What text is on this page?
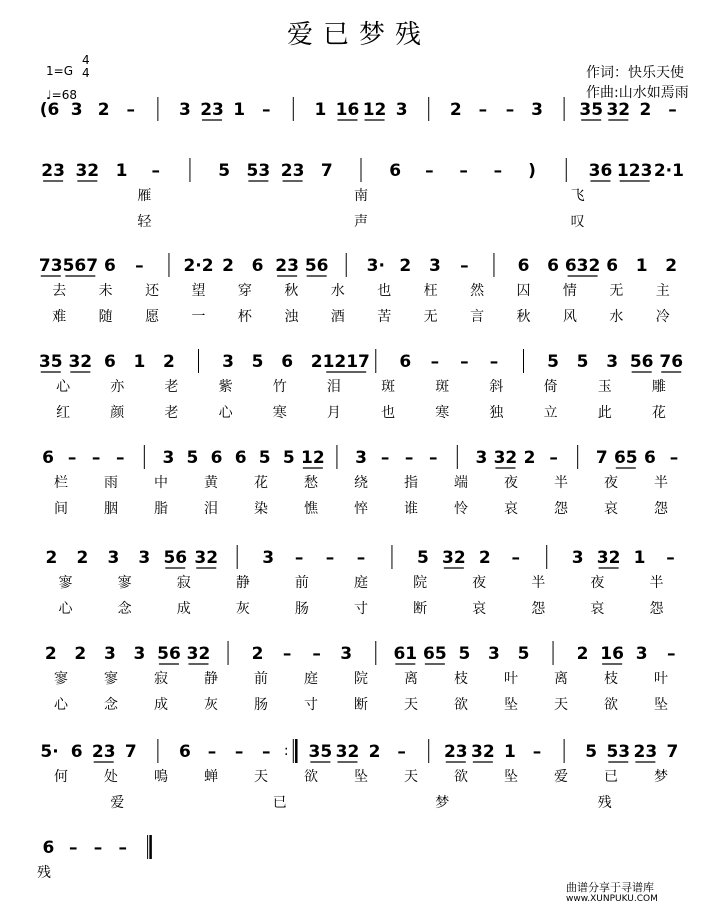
爱已梦残
1=G
4
4
♩=68
作词：快乐天使
作曲:山水如焉雨
曲谱分享于寻谱库
www.XUNPUKU.COM
(6 3 2 –	3 23 1 –	1 16 12 3 2 – – 3 35 32 2 –
23 32 1 –	5 53 23 7	6 – – – )	36 123 2·1
雁	南	飞
轻	声	叹
73 567 6 – 2·2 2 6 23 56 3· 2 3 –	6 6 632 6 1 2
去 未 还 望 穿 秋 水 也 枉 然 囚 情 无 主
难 随 愿 一 杯 浊 酒 苦 无 言 秋 风 水 冷
35 32 6 1 2	3 5 6 2 1217 6 – – –	5 5 3 56 76
心	亦	老	紫	竹	泪	斑	斑	斜	倚	玉	雕
红	颜	老	心	寒	月	也	寒	独	立	此	花
6 – – – 3 5 6 6 5 5 12 3 – – – 3 32 2 – 7 65 6 –
栏	雨	中	黄	花	愁	绕	指	端	夜	半	夜	半
间	胭	脂	泪	染	憔	悴	谁	怜	哀	怨	哀	怨
2 2 3 3 56 32	3 – – –	5 32 2 –	3 32 1 –
寥	寥	寂	静	前	庭	院	夜	半	夜	半
心	念	成	灰	肠	寸	断	哀	怨	哀	怨
2 2 3 3 56 32 2 – – 3 61 65 5 3 5	2 16 3 –
寥	寥	寂	静	前	庭	院	离	枝	叶	离	枝	叶
心	念	成	灰	肠	寸	断	天	欲	坠	天	欲	坠
5· 6 23 7 6 – – – : 35 32 2 – 23 32 1 –	5 53 23 7
何	处	鳴	蝉	天	欲	坠	天	欲	坠	爱	已	梦
爱	已	梦	残
6 – – –
残
